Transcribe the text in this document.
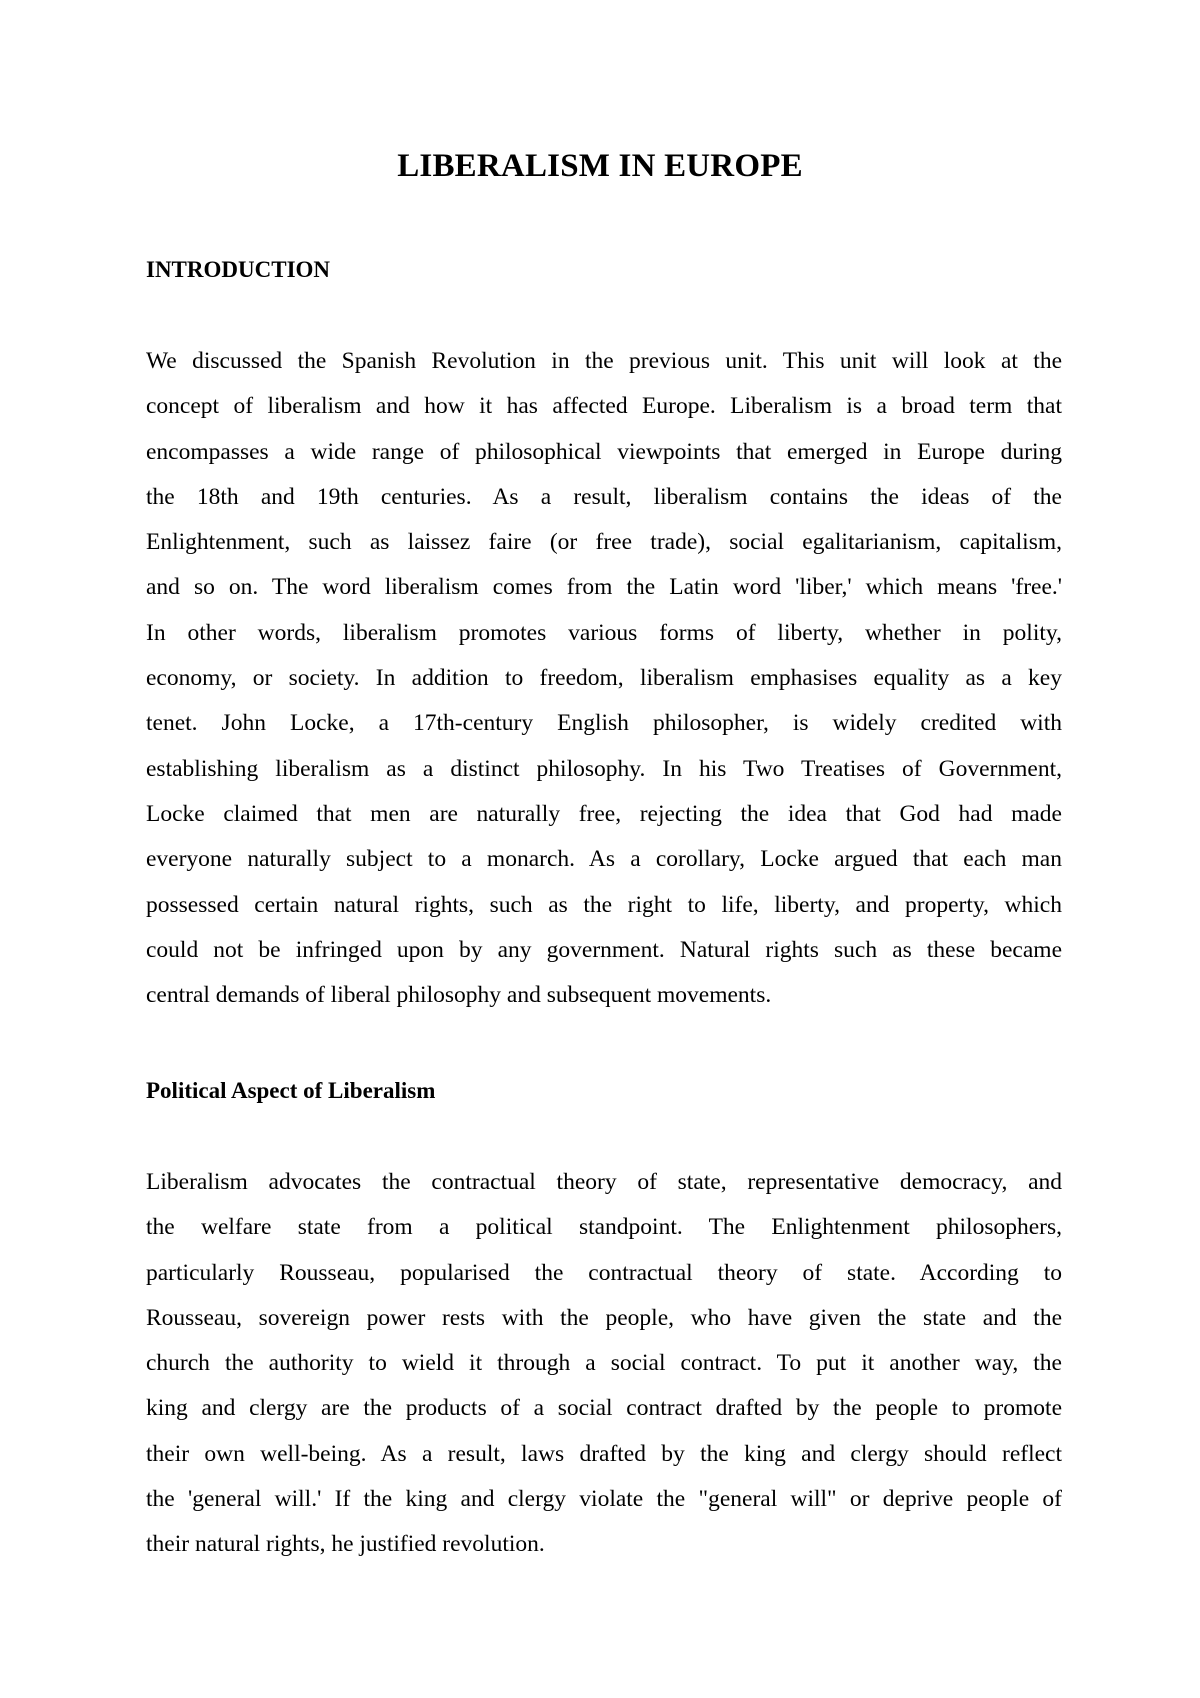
LIBERALISM IN EUROPE
INTRODUCTION

We discussed the Spanish Revolution in the previous unit. This unit will look at the
concept of liberalism and how it has affected Europe. Liberalism is a broad term that
encompasses a wide range of philosophical viewpoints that emerged in Europe during
the 18th and 19th centuries. As a result, liberalism contains the ideas of the
Enlightenment, such as laissez faire (or free trade), social egalitarianism, capitalism,
and so on. The word liberalism comes from the Latin word 'liber,' which means 'free.'
In other words, liberalism promotes various forms of liberty, whether in polity,
economy, or society. In addition to freedom, liberalism emphasises equality as a key
tenet. John Locke, a 17th-century English philosopher, is widely credited with
establishing liberalism as a distinct philosophy. In his Two Treatises of Government,
Locke claimed that men are naturally free, rejecting the idea that God had made
everyone naturally subject to a monarch. As a corollary, Locke argued that each man
possessed certain natural rights, such as the right to life, liberty, and property, which
could not be infringed upon by any government. Natural rights such as these became
central demands of liberal philosophy and subsequent movements.

Political Aspect of Liberalism

Liberalism advocates the contractual theory of state, representative democracy, and
the welfare state from a political standpoint. The Enlightenment philosophers,
particularly Rousseau, popularised the contractual theory of state. According to
Rousseau, sovereign power rests with the people, who have given the state and the
church the authority to wield it through a social contract. To put it another way, the
king and clergy are the products of a social contract drafted by the people to promote
their own well-being. As a result, laws drafted by the king and clergy should reflect
the 'general will.' If the king and clergy violate the "general will" or deprive people of
their natural rights, he justified revolution.
